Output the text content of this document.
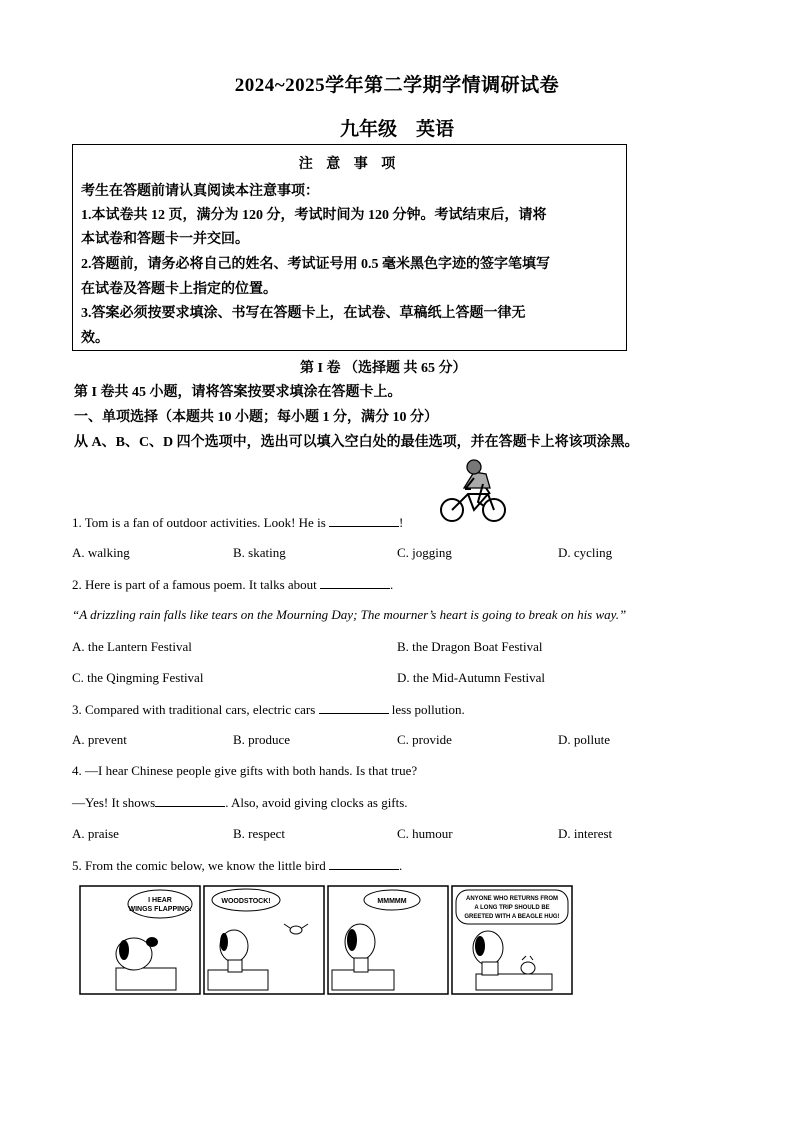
2024~2025学年第二学期学情调研试卷
九年级　英语
注 意 事 项
考生在答题前请认真阅读本注意事项：
1.本试卷共 12 页，满分为 120 分，考试时间为 120 分钟。考试结束后，请将
本试卷和答题卡一并交回。
2.答题前，请务必将自己的姓名、考试证号用 0.5 毫米黑色字迹的签字笔填写
在试卷及答题卡上指定的位置。
3.答案必须按要求填涂、书写在答题卡上，在试卷、草稿纸上答题一律无
效。
第 I 卷 （选择题 共 65 分）
第 I 卷共 45 小题，请将答案按要求填涂在答题卡上。
一、单项选择（本题共 10 小题；每小题 1 分，满分 10 分）
从 A、B、C、D 四个选项中，选出可以填入空白处的最佳选项，并在答题卡上将该项涂黑。
1. Tom is a fan of outdoor activities. Look! He is	!
A. walking	B. skating	C. jogging	D. cycling
2. Here is part of a famous poem. It talks about	.
“A drizzling rain falls like tears on the Mourning Day; The mourner’s heart is going to break on his way.”
A. the Lantern Festival	B. the Dragon Boat Festival
C. the Qingming Festival	D. the Mid-Autumn Festival
3. Compared with traditional cars, electric cars	less pollution.
A. prevent	B. produce	C. provide	D. pollute
4. —I hear Chinese people give gifts with both hands. Is that true?
—Yes! It shows	. Also, avoid giving clocks as gifts.
A. praise	B. respect	C. humour	D. interest
5. From the comic below, we know the little bird	.
I HEAR
WINGS FLAPPING.
WOODSTOCK!	MMMMM	ANYONE WHO RETURNS FROM
A LONG TRIP SHOULD BE
GREETED WITH A BEAGLE HUG!
